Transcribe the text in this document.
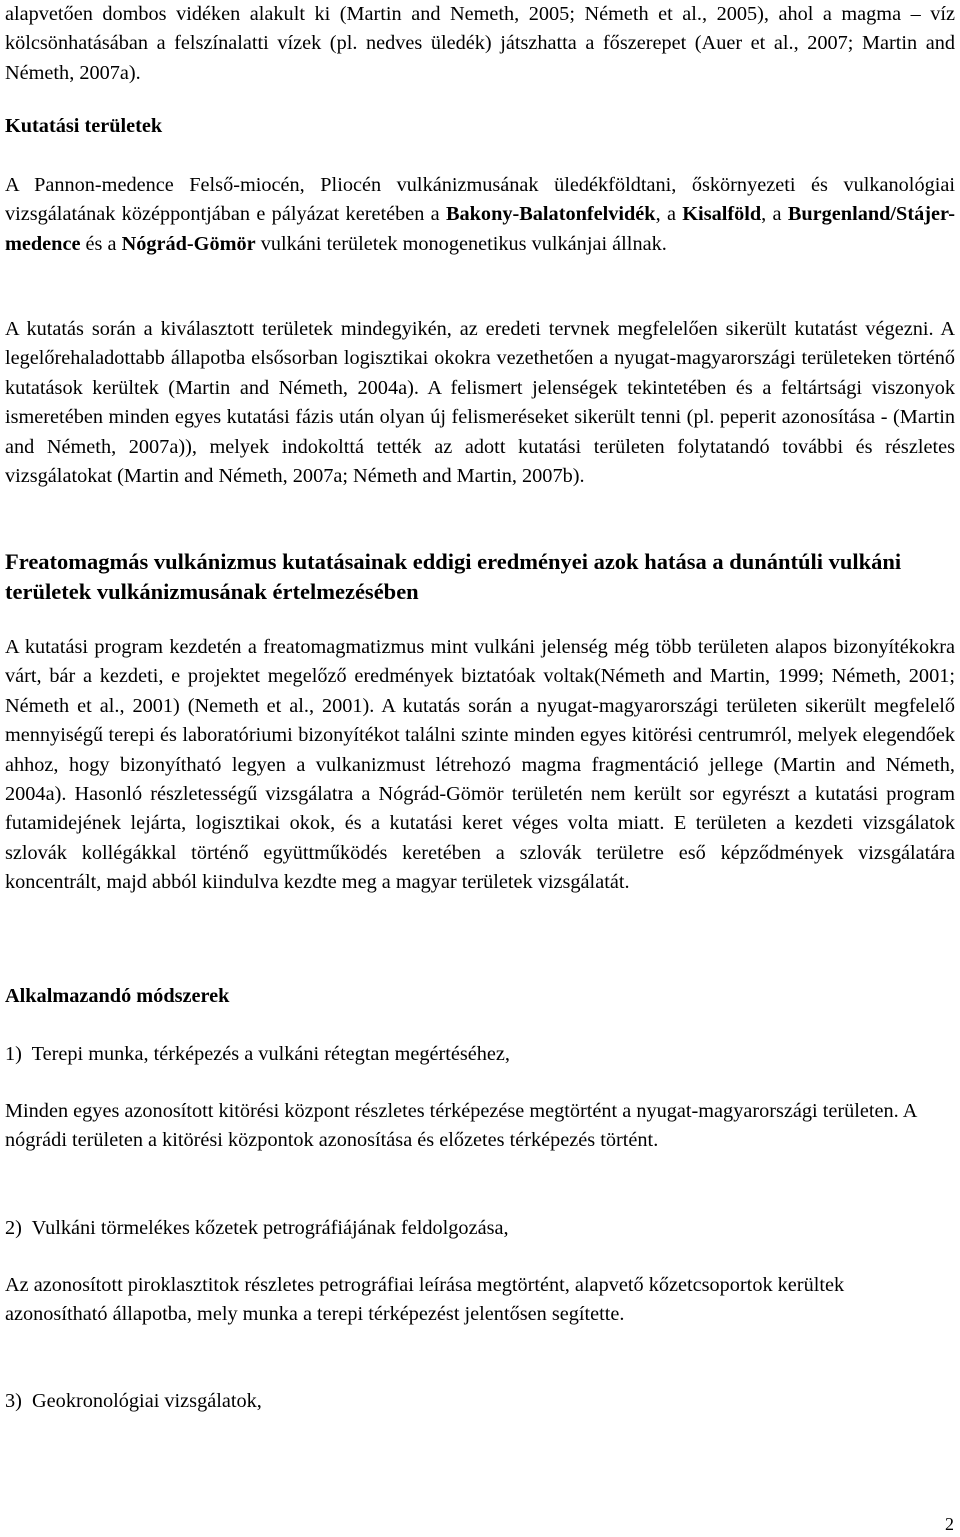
alapvetően dombos vidéken alakult ki (Martin and Nemeth, 2005; Németh et al., 2005), ahol a magma – víz kölcsönhatásában a felszínalatti vízek (pl. nedves üledék) játszhatta a főszerepet (Auer et al., 2007; Martin and Németh, 2007a).

Kutatási területek

A Pannon-medence Felső-miocén, Pliocén vulkánizmusának üledékföldtani, őskörnyezeti és vulkanológiai vizsgálatának középpontjában e pályázat keretében a Bakony-Balatonfelvidék, a Kisalföld, a Burgenland/Stájer-medence és a Nógrád-Gömör vulkáni területek monogenetikus vulkánjai állnak.

A kutatás során a kiválasztott területek mindegyikén, az eredeti tervnek megfelelően sikerült kutatást végezni. A legelőrehaladottabb állapotba elsősorban logisztikai okokra vezethetően a nyugat-magyarországi területeken történő kutatások kerültek (Martin and Németh, 2004a). A felismert jelenségek tekintetében és a feltártsági viszonyok ismeretében minden egyes kutatási fázis után olyan új felismeréseket sikerült tenni (pl. peperit azonosítása - (Martin and Németh, 2007a)), melyek indokolttá tették az adott kutatási területen folytatandó további és részletes vizsgálatokat (Martin and Németh, 2007a; Németh and Martin, 2007b).

Freatomagmás vulkánizmus kutatásainak eddigi eredményei azok hatása a dunántúli vulkáni területek vulkánizmusának értelmezésében

A kutatási program kezdetén a freatomagmatizmus mint vulkáni jelenség még több területen alapos bizonyítékokra várt, bár a kezdeti, e projektet megelőző eredmények biztatóak voltak(Németh and Martin, 1999; Németh, 2001; Németh et al., 2001) (Nemeth et al., 2001). A kutatás során a nyugat-magyarországi területen sikerült megfelelő mennyiségű terepi és laboratóriumi bizonyítékot találni szinte minden egyes kitörési centrumról, melyek elegendőek ahhoz, hogy bizonyítható legyen a vulkanizmust létrehozó magma fragmentáció jellege (Martin and Németh, 2004a). Hasonló részletességű vizsgálatra a Nógrád-Gömör területén nem került sor egyrészt a kutatási program futamidejének lejárta, logisztikai okok, és a kutatási keret véges volta miatt. E területen a kezdeti vizsgálatok szlovák kollégákkal történő együttműködés keretében a szlovák területre eső képződmények vizsgálatára koncentrált, majd abból kiindulva kezdte meg a magyar területek vizsgálatát.

Alkalmazandó módszerek

1)  Terepi munka, térképezés a vulkáni rétegtan megértéséhez,

Minden egyes azonosított kitörési központ részletes térképezése megtörtént a nyugat-magyarországi területen. A nógrádi területen a kitörési központok azonosítása és előzetes térképezés történt.

2)  Vulkáni törmelékes kőzetek petrográfiájának feldolgozása,

Az azonosított piroklasztitok részletes petrográfiai leírása megtörtént, alapvető kőzetcsoportok kerültek azonosítható állapotba, mely munka a terepi térképezést jelentősen segítette.

3)  Geokronológiai vizsgálatok,

2
